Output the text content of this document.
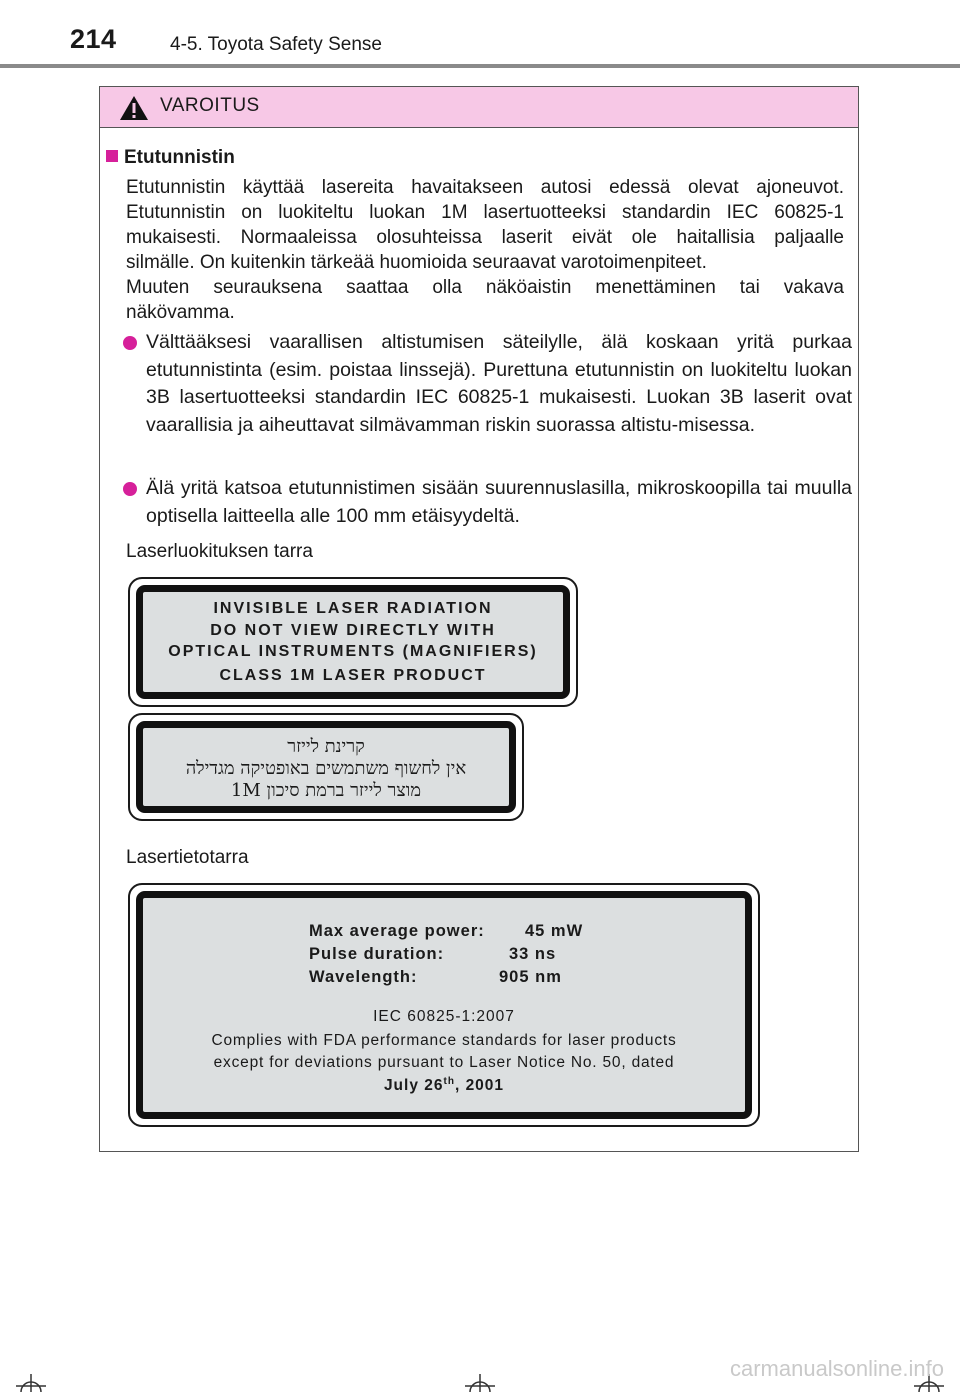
214	4-5. Toyota Safety Sense
VAROITUS
Etutunnistin
Etutunnistin käyttää lasereita havaitakseen autosi edessä olevat ajoneuvot.
Etutunnistin on luokiteltu luokan 1M lasertuotteeksi standardin IEC 60825-1
mukaisesti. Normaaleissa olosuhteissa laserit eivät ole haitallisia paljaalle
silmälle. On kuitenkin tärkeää huomioida seuraavat varotoimenpiteet.
Muuten seurauksena saattaa olla näköaistin menettäminen tai vakava
näkövamma.
Välttääksesi vaarallisen altistumisen säteilylle, älä koskaan yritä purkaa etutunnistinta (esim. poistaa linssejä). Purettuna etutunnistin on luokiteltu luokan 3B lasertuotteeksi standardin IEC 60825-1 mukaisesti. Luokan 3B laserit ovat vaarallisia ja aiheuttavat silmävamman riskin suorassa altistu-misessa.
Älä yritä katsoa etutunnistimen sisään suurennuslasilla, mikroskoopilla tai muulla optisella laitteella alle 100 mm etäisyydeltä.
Laserluokituksen tarra
INVISIBLE LASER RADIATION
DO NOT VIEW DIRECTLY WITH
OPTICAL INSTRUMENTS (MAGNIFIERS)
CLASS 1M LASER PRODUCT
קרינת לייזר
אין לחשוף משתמשים באופטיקה מגדילה
מוצר לייזר ברמת סיכון 1M
Lasertietotarra
Max average power: 45 mW
Pulse duration:	33 ns
Wavelength:	905 nm
IEC 60825-1:2007
Complies with FDA performance standards for laser products
except for deviations pursuant to Laser Notice No. 50, dated
July 26th, 2001
carmanualsonline.info
